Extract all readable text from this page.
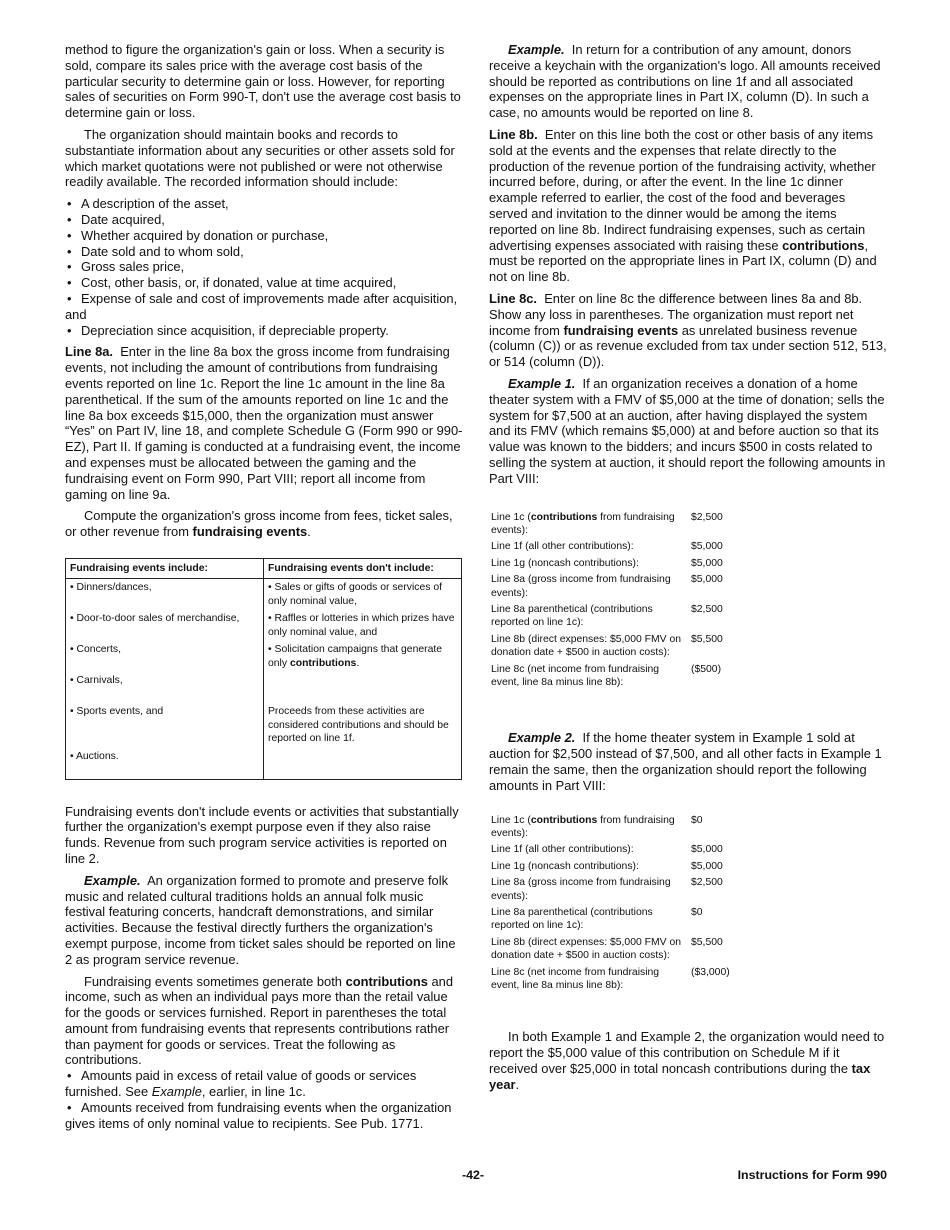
method to figure the organization's gain or loss. When a security is sold, compare its sales price with the average cost basis of the particular security to determine gain or loss. However, for reporting sales of securities on Form 990-T, don't use the average cost basis to determine gain or loss.

The organization should maintain books and records to substantiate information about any securities or other assets sold for which market quotations were not published or were not otherwise readily available. The recorded information should include:

• A description of the asset,
• Date acquired,
• Whether acquired by donation or purchase,
• Date sold and to whom sold,
• Gross sales price,
• Cost, other basis, or, if donated, value at time acquired,
• Expense of sale and cost of improvements made after acquisition, and
• Depreciation since acquisition, if depreciable property.

Line 8a. Enter in the line 8a box the gross income from fundraising events, not including the amount of contributions from fundraising events reported on line 1c. Report the line 1c amount in the line 8a parenthetical. If the sum of the amounts reported on line 1c and the line 8a box exceeds $15,000, then the organization must answer “Yes” on Part IV, line 18, and complete Schedule G (Form 990 or 990-EZ), Part II. If gaming is conducted at a fundraising event, the income and expenses must be allocated between the gaming and the fundraising event on Form 990, Part VIII; report all income from gaming on line 9a.

Compute the organization's gross income from fees, ticket sales, or other revenue from fundraising events.

Fundraising events include:	Fundraising events don't include:
• Dinners/dances,	• Sales or gifts of goods or services of only nominal value,
• Door-to-door sales of merchandise,	• Raffles or lotteries in which prizes have only nominal value, and
• Concerts,	• Solicitation campaigns that generate only contributions.
• Carnivals,	
• Sports events, and	Proceeds from these activities are considered contributions and should be reported on line 1f.
• Auctions.	

Fundraising events don't include events or activities that substantially further the organization's exempt purpose even if they also raise funds. Revenue from such program service activities is reported on line 2.

Example. An organization formed to promote and preserve folk music and related cultural traditions holds an annual folk music festival featuring concerts, handcraft demonstrations, and similar activities. Because the festival directly furthers the organization's exempt purpose, income from ticket sales should be reported on line 2 as program service revenue.

Fundraising events sometimes generate both contributions and income, such as when an individual pays more than the retail value for the goods or services furnished. Report in parentheses the total amount from fundraising events that represents contributions rather than payment for goods or services. Treat the following as contributions.

• Amounts paid in excess of retail value of goods or services furnished. See Example, earlier, in line 1c.
• Amounts received from fundraising events when the organization gives items of only nominal value to recipients. See Pub. 1771.

Example. In return for a contribution of any amount, donors receive a keychain with the organization's logo. All amounts received should be reported as contributions on line 1f and all associated expenses on the appropriate lines in Part IX, column (D). In such a case, no amounts would be reported on line 8.

Line 8b. Enter on this line both the cost or other basis of any items sold at the events and the expenses that relate directly to the production of the revenue portion of the fundraising activity, whether incurred before, during, or after the event. In the line 1c dinner example referred to earlier, the cost of the food and beverages served and invitation to the dinner would be among the items reported on line 8b. Indirect fundraising expenses, such as certain advertising expenses associated with raising these contributions, must be reported on the appropriate lines in Part IX, column (D) and not on line 8b.

Line 8c. Enter on line 8c the difference between lines 8a and 8b. Show any loss in parentheses. The organization must report net income from fundraising events as unrelated business revenue (column (C)) or as revenue excluded from tax under section 512, 513, or 514 (column (D)).

Example 1. If an organization receives a donation of a home theater system with a FMV of $5,000 at the time of donation; sells the system for $7,500 at an auction, after having displayed the system and its FMV (which remains $5,000) at and before auction so that its value was known to the bidders; and incurs $500 in costs related to selling the system at auction, it should report the following amounts in Part VIII:

Line 1c (contributions from fundraising events):	$2,500
Line 1f (all other contributions):	$5,000
Line 1g (noncash contributions):	$5,000
Line 8a (gross income from fundraising events):	$5,000
Line 8a parenthetical (contributions reported on line 1c):	$2,500
Line 8b (direct expenses: $5,000 FMV on donation date + $500 in auction costs):	$5,500
Line 8c (net income from fundraising event, line 8a minus line 8b):	($500)

Example 2. If the home theater system in Example 1 sold at auction for $2,500 instead of $7,500, and all other facts in Example 1 remain the same, then the organization should report the following amounts in Part VIII:

Line 1c (contributions from fundraising events):	$0
Line 1f (all other contributions):	$5,000
Line 1g (noncash contributions):	$5,000
Line 8a (gross income from fundraising events):	$2,500
Line 8a parenthetical (contributions reported on line 1c):	$0
Line 8b (direct expenses: $5,000 FMV on donation date + $500 in auction costs):	$5,500
Line 8c (net income from fundraising event, line 8a minus line 8b):	($3,000)

In both Example 1 and Example 2, the organization would need to report the $5,000 value of this contribution on Schedule M if it received over $25,000 in total noncash contributions during the tax year.

-42-	Instructions for Form 990
